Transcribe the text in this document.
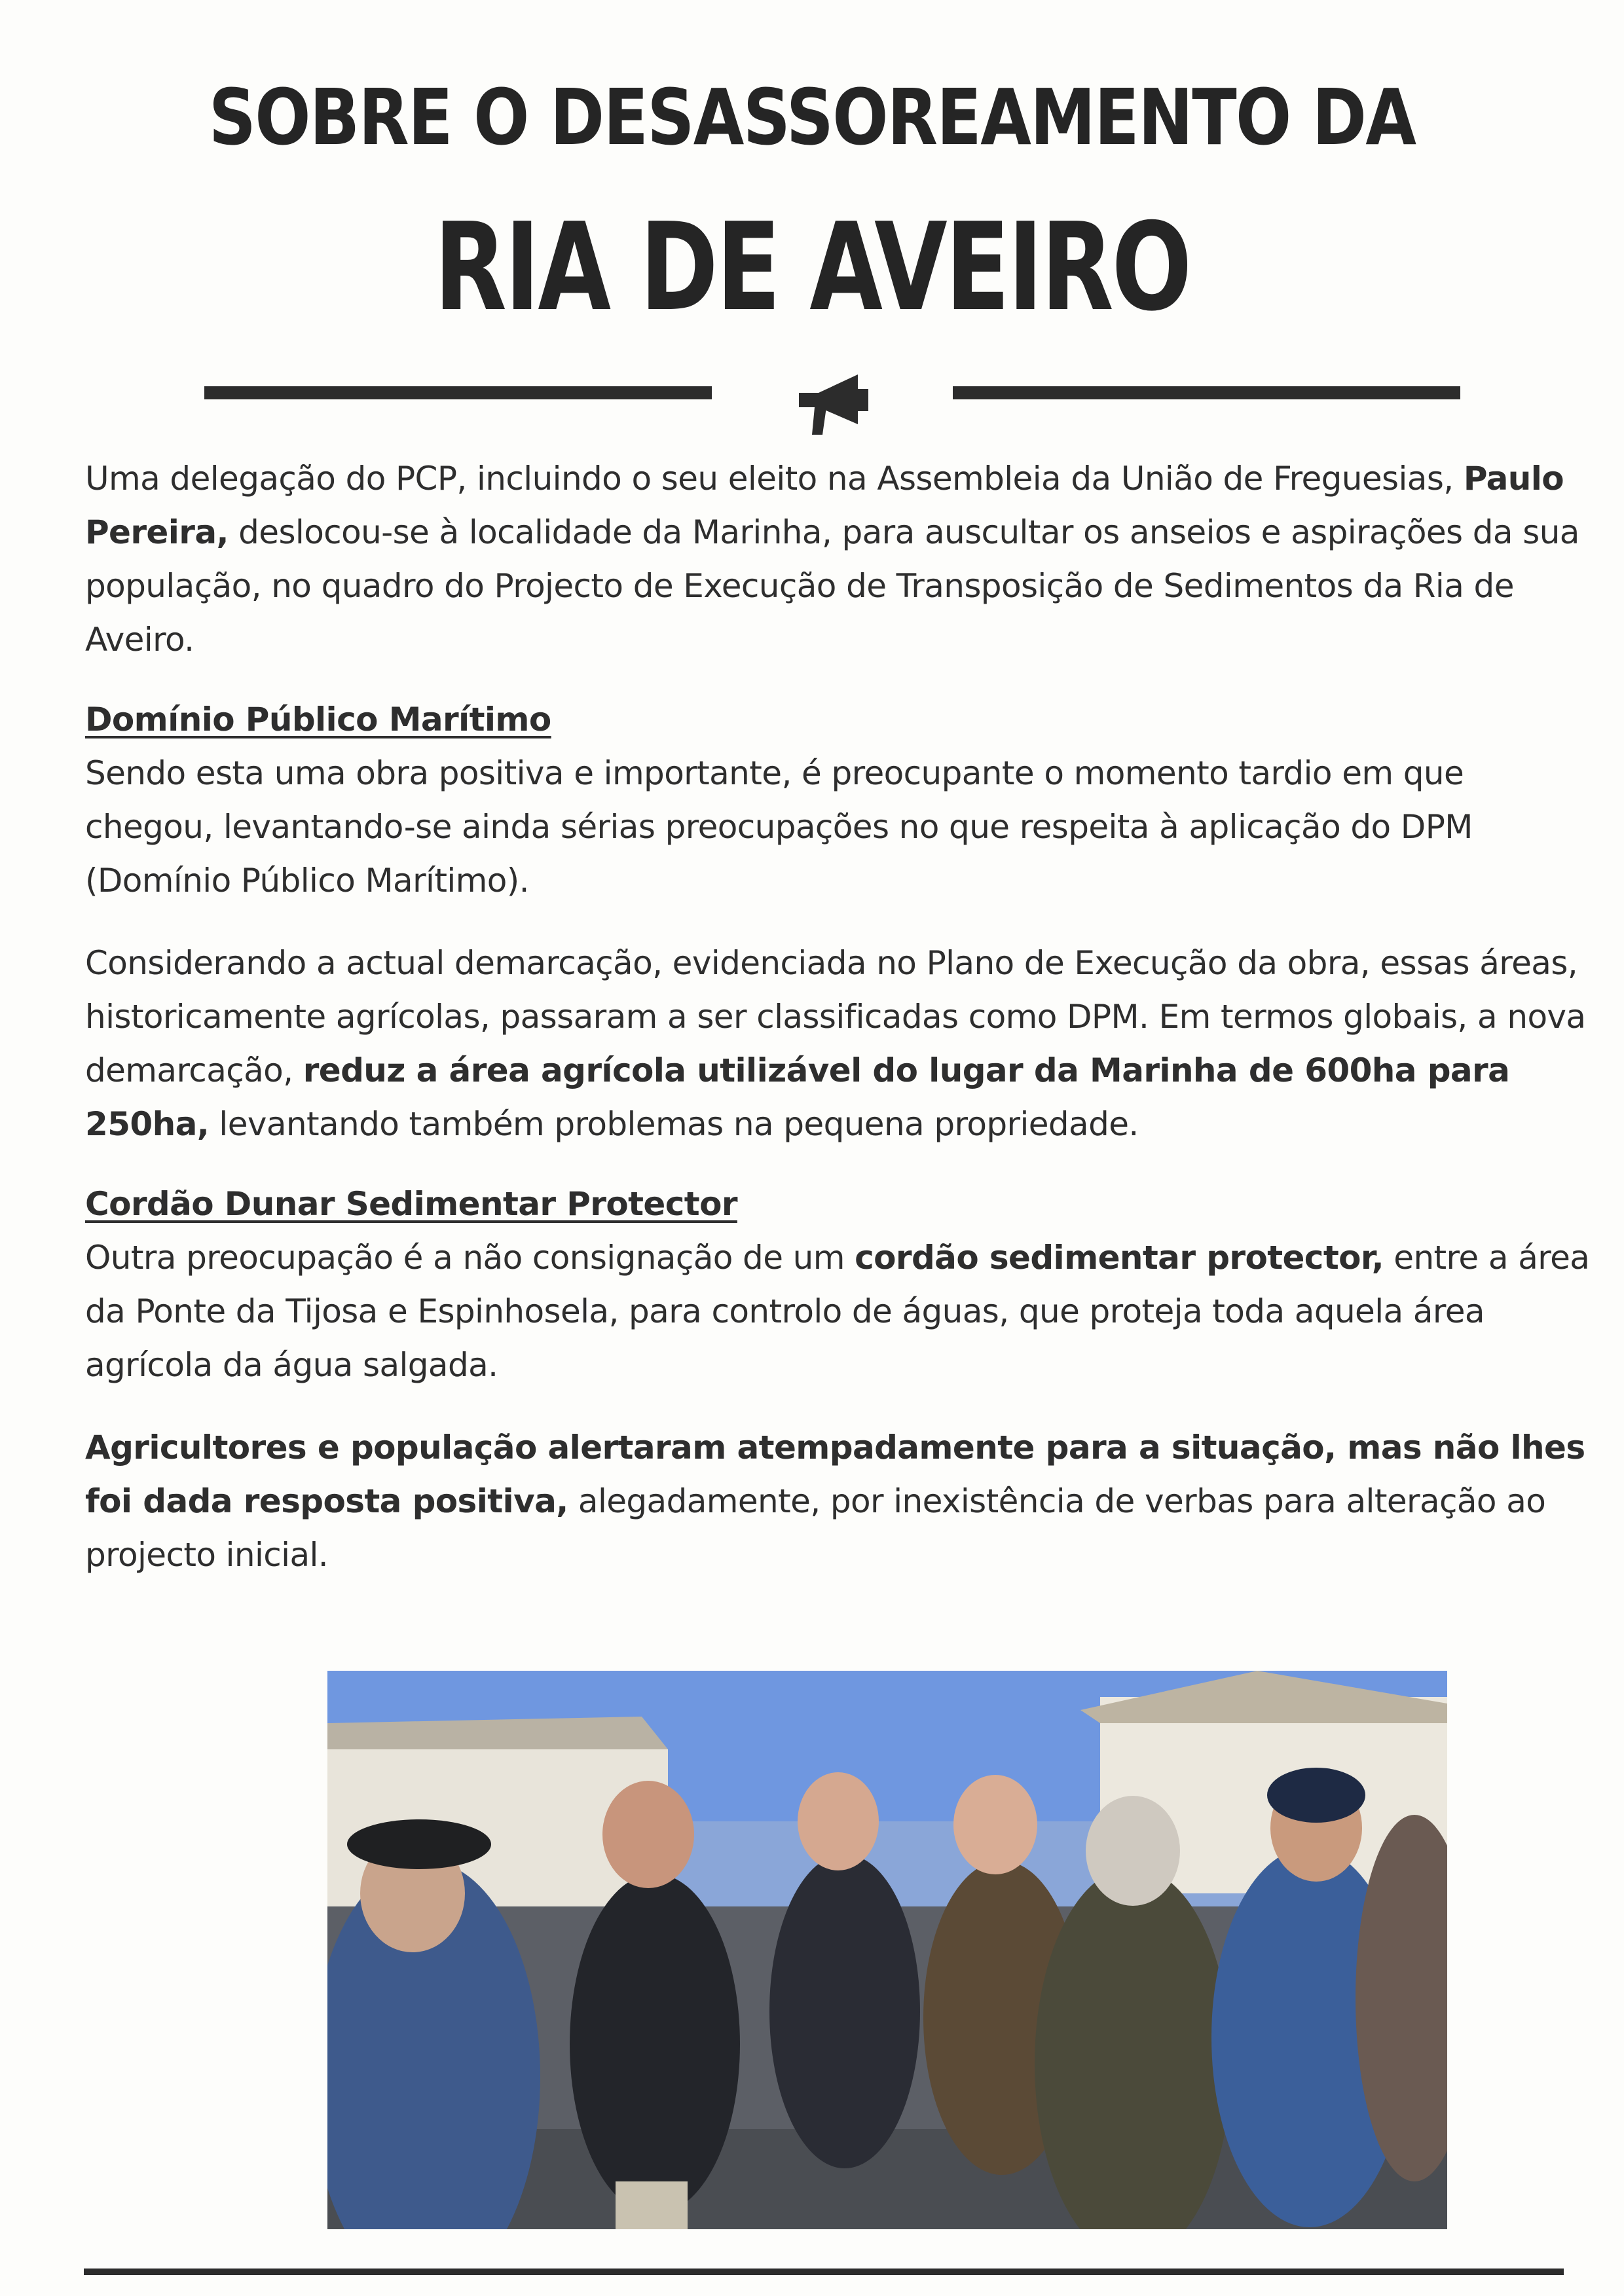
SOBRE O DESASSOREAMENTO DA
RIA DE AVEIRO

Uma delegação do PCP, incluindo o seu eleito na Assembleia da União de Freguesias, Paulo Pereira, deslocou-se à localidade da Marinha, para auscultar os anseios e aspirações da sua população, no quadro do Projecto de Execução de Transposição de Sedimentos da Ria de Aveiro.

Domínio Público Marítimo

Sendo esta uma obra positiva e importante, é preocupante o momento tardio em que chegou, levantando-se ainda sérias preocupações no que respeita à aplicação do DPM (Domínio Público Marítimo).

Considerando a actual demarcação, evidenciada no Plano de Execução da obra, essas áreas, historicamente agrícolas, passaram a ser classificadas como DPM. Em termos globais, a nova demarcação, reduz a área agrícola utilizável do lugar da Marinha de 600ha para 250ha, levantando também problemas na pequena propriedade.

Cordão Dunar Sedimentar Protector

Outra preocupação é a não consignação de um cordão sedimentar protector, entre a área da Ponte da Tijosa e Espinhosela, para controlo de águas, que proteja toda aquela área agrícola da água salgada.

Agricultores e população alertaram atempadamente para a situação, mas não lhes foi dada resposta positiva, alegadamente, por inexistência de verbas para alteração ao projecto inicial.
